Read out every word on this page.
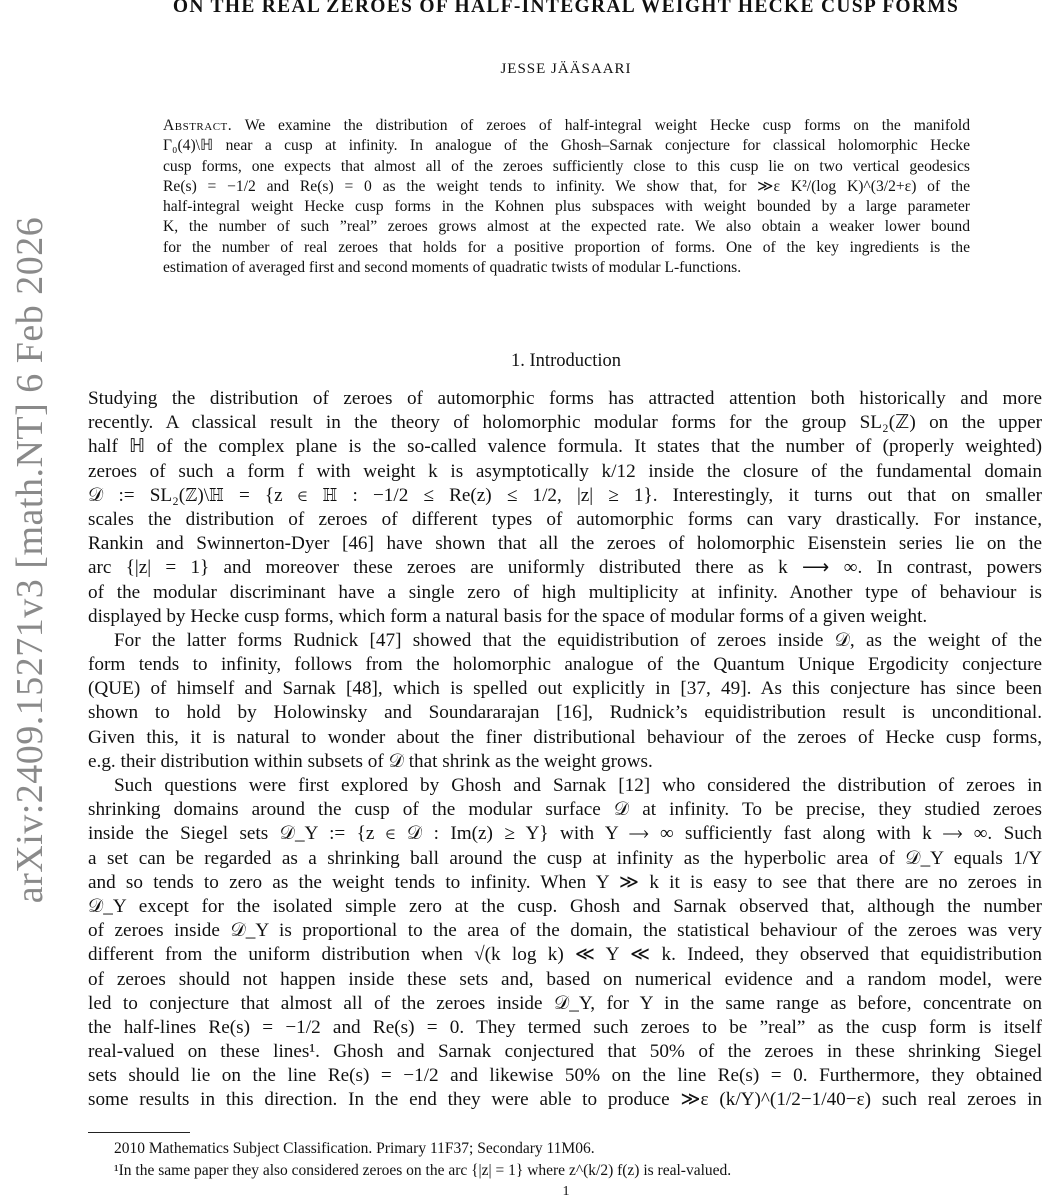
arXiv:2409.15271v3 [math.NT] 6 Feb 2026
ON THE REAL ZEROES OF HALF-INTEGRAL WEIGHT HECKE CUSP FORMS
JESSE JÄÄSAARI
Abstract. We examine the distribution of zeroes of half-integral weight Hecke cusp forms on the manifold
Γ₀(4)\ℍ near a cusp at infinity. In analogue of the Ghosh–Sarnak conjecture for classical holomorphic Hecke
cusp forms, one expects that almost all of the zeroes sufficiently close to this cusp lie on two vertical geodesics
Re(s) = −1/2 and Re(s) = 0 as the weight tends to infinity. We show that, for ≫ε K²/(log K)^(3/2+ε) of the
half-integral weight Hecke cusp forms in the Kohnen plus subspaces with weight bounded by a large parameter
K, the number of such ”real” zeroes grows almost at the expected rate. We also obtain a weaker lower bound
for the number of real zeroes that holds for a positive proportion of forms. One of the key ingredients is the
estimation of averaged first and second moments of quadratic twists of modular L-functions.
1. Introduction
Studying the distribution of zeroes of automorphic forms has attracted attention both historically and more
recently. A classical result in the theory of holomorphic modular forms for the group SL₂(ℤ) on the upper
half ℍ of the complex plane is the so-called valence formula. It states that the number of (properly weighted)
zeroes of such a form f with weight k is asymptotically k/12 inside the closure of the fundamental domain
𝒟 := SL₂(ℤ)\ℍ = {z ∈ ℍ : −1/2 ≤ Re(z) ≤ 1/2, |z| ≥ 1}. Interestingly, it turns out that on smaller
scales the distribution of zeroes of different types of automorphic forms can vary drastically. For instance,
Rankin and Swinnerton-Dyer [46] have shown that all the zeroes of holomorphic Eisenstein series lie on the
arc {|z| = 1} and moreover these zeroes are uniformly distributed there as k ⟶ ∞. In contrast, powers
of the modular discriminant have a single zero of high multiplicity at infinity. Another type of behaviour is
displayed by Hecke cusp forms, which form a natural basis for the space of modular forms of a given weight.
For the latter forms Rudnick [47] showed that the equidistribution of zeroes inside 𝒟, as the weight of the
form tends to infinity, follows from the holomorphic analogue of the Quantum Unique Ergodicity conjecture
(QUE) of himself and Sarnak [48], which is spelled out explicitly in [37, 49]. As this conjecture has since been
shown to hold by Holowinsky and Soundararajan [16], Rudnick’s equidistribution result is unconditional.
Given this, it is natural to wonder about the finer distributional behaviour of the zeroes of Hecke cusp forms,
e.g. their distribution within subsets of 𝒟 that shrink as the weight grows.
Such questions were first explored by Ghosh and Sarnak [12] who considered the distribution of zeroes in
shrinking domains around the cusp of the modular surface 𝒟 at infinity. To be precise, they studied zeroes
inside the Siegel sets 𝒟_Y := {z ∈ 𝒟 : Im(z) ≥ Y} with Y ⟶ ∞ sufficiently fast along with k ⟶ ∞. Such
a set can be regarded as a shrinking ball around the cusp at infinity as the hyperbolic area of 𝒟_Y equals 1/Y
and so tends to zero as the weight tends to infinity. When Y ≫ k it is easy to see that there are no zeroes in
𝒟_Y except for the isolated simple zero at the cusp. Ghosh and Sarnak observed that, although the number
of zeroes inside 𝒟_Y is proportional to the area of the domain, the statistical behaviour of the zeroes was very
different from the uniform distribution when √(k log k) ≪ Y ≪ k. Indeed, they observed that equidistribution
of zeroes should not happen inside these sets and, based on numerical evidence and a random model, were
led to conjecture that almost all of the zeroes inside 𝒟_Y, for Y in the same range as before, concentrate on
the half-lines Re(s) = −1/2 and Re(s) = 0. They termed such zeroes to be ”real” as the cusp form is itself
real-valued on these lines¹. Ghosh and Sarnak conjectured that 50% of the zeroes in these shrinking Siegel
sets should lie on the line Re(s) = −1/2 and likewise 50% on the line Re(s) = 0. Furthermore, they obtained
some results in this direction. In the end they were able to produce ≫ε (k/Y)^(1/2−1/40−ε) such real zeroes in
2010 Mathematics Subject Classification. Primary 11F37; Secondary 11M06.
¹In the same paper they also considered zeroes on the arc {|z| = 1} where z^(k/2) f(z) is real-valued.
1
